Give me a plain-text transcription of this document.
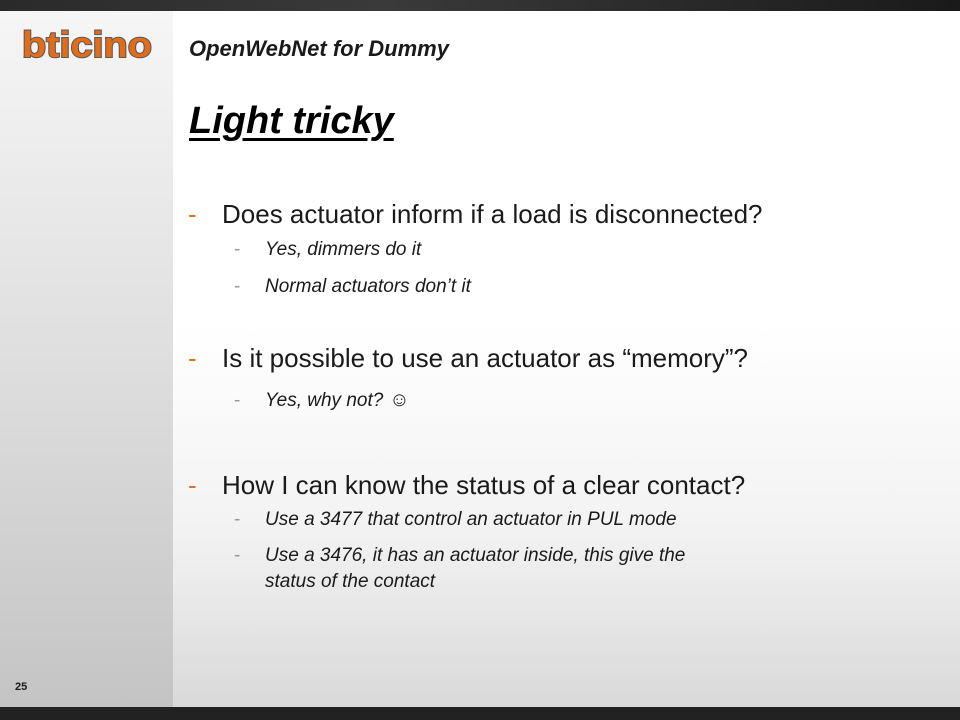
bticino OpenWebNet for Dummy
Light tricky
- Does actuator inform if a load is disconnected?
- Yes, dimmers do it
- Normal actuators don’t it
- Is it possible to use an actuator as “memory”?
- Yes, why not? ☺
- How I can know the status of a clear contact?
- Use a 3477 that control an actuator in PUL mode
- Use a 3476, it has an actuator inside, this give the
status of the contact
25
